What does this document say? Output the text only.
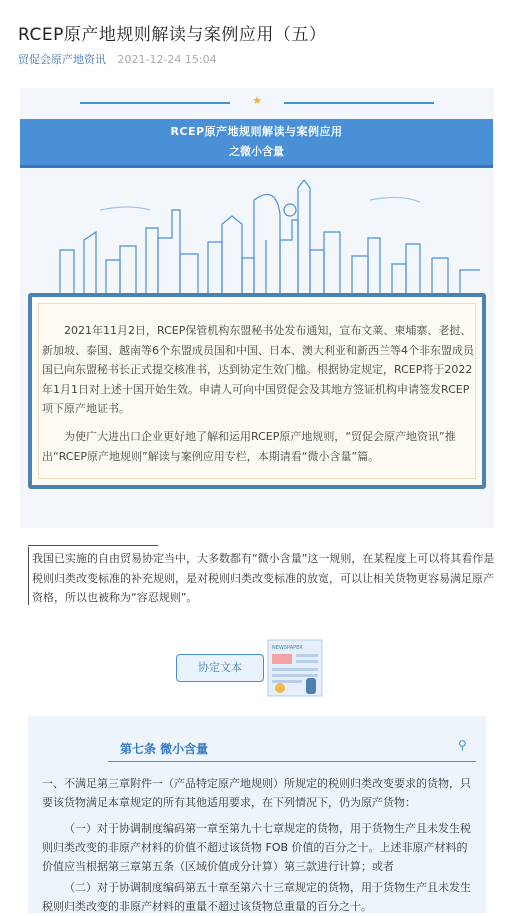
RCEP原产地规则解读与案例应用（五）
贸促会原产地资讯 2021-12-24 15:04
★
RCEP原产地规则解读与案例应用
之微小含量

2021年11月2日，RCEP保管机构东盟秘书处发布通知，宣布文莱、柬埔寨、老挝、新加坡、泰国、越南等6个东盟成员国和中国、日本、澳大利亚和新西兰等4个非东盟成员国已向东盟秘书长正式提交核准书，达到协定生效门槛。根据协定规定，RCEP将于2022年1月1日对上述十国开始生效。申请人可向中国贸促会及其地方签证机构申请签发RCEP项下原产地证书。

为使广大进出口企业更好地了解和运用RCEP原产地规则，“贸促会原产地资讯”推出“RCEP原产地规则”解读与案例应用专栏，本期请看“微小含量”篇。

我国已实施的自由贸易协定当中，大多数都有“微小含量”这一规则，在某程度上可以将其看作是税则归类改变标准的补充规则，是对税则归类改变标准的放宽，可以让相关货物更容易满足原产资格，所以也被称为“容忍规则”。

NEWSPAPER
协定文本
第七条 微小含量	⚲

一、不满足第三章附件一（产品特定原产地规则）所规定的税则归类改变要求的货物，只要该货物满足本章规定的所有其他适用要求，在下列情况下，仍为原产货物：

（一）对于协调制度编码第一章至第九十七章规定的货物，用于货物生产且未发生税则归类改变的非原产材料的价值不超过该货物 FOB 价值的百分之十。上述非原产材料的价值应当根据第三章第五条（区域价值成分计算）第三款进行计算；或者

（二）对于协调制度编码第五十章至第六十三章规定的货物，用于货物生产且未发生税则归类改变的非原产材料的重量不超过该货物总重量的百分之十。
